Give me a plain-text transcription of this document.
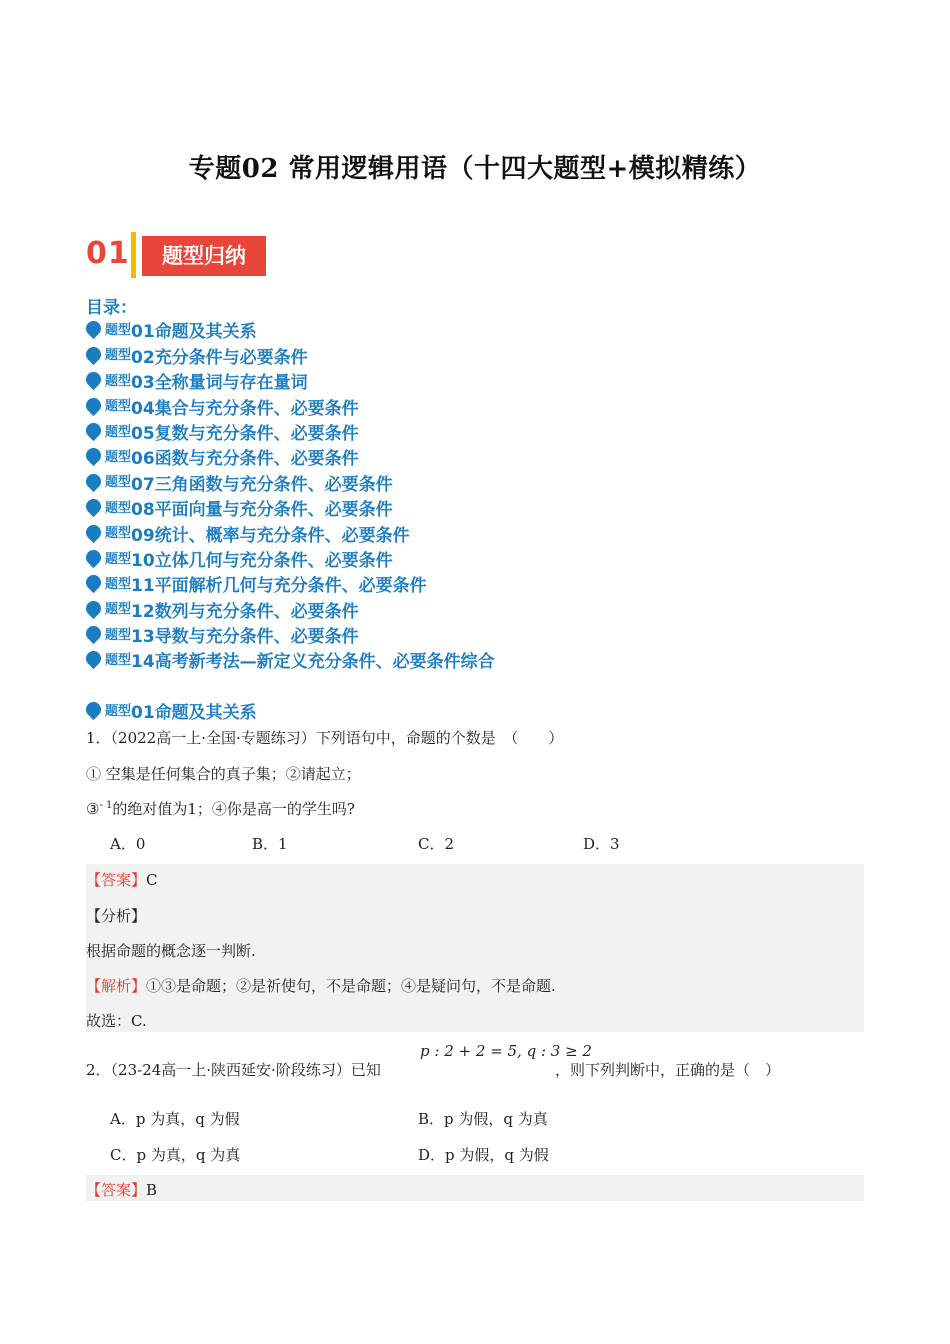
专题02 常用逻辑用语（十四大题型+模拟精练）
01	题型归纳
目录：
题型 01 命题及其关系
题型 02 充分条件与必要条件
题型 03 全称量词与存在量词
题型 04 集合与充分条件、必要条件
题型 05 复数与充分条件、必要条件
题型 06 函数与充分条件、必要条件
题型 07 三角函数与充分条件、必要条件
题型 08 平面向量与充分条件、必要条件
题型 09 统计、概率与充分条件、必要条件
题型 10 立体几何与充分条件、必要条件
题型 11 平面解析几何与充分条件、必要条件
题型 12 数列与充分条件、必要条件
题型 13 导数与充分条件、必要条件
题型 14 高考新考法—新定义充分条件、必要条件综合
题型 01 命题及其关系
1．（2022高一上·全国·专题练习）下列语句中，命题的个数是　（　　）
① 空集是任何集合的真子集；②请起立；
③$^{- 1}$的绝对值为1；④你是高一的学生吗?
A．0	B．1	C．2	D．3
【答案】C
【分析】
根据命题的概念逐一判断.
【解析】①③是命题；②是祈使句，不是命题；④是疑问句，不是命题.
故选：C.
2．（23-24高一上·陕西延安·阶段练习）已知
p : 2 + 2 = 5, q : 3 ≥ 2
，则下列判断中，正确的是（　）
A．p 为真，q 为假	B．p 为假，q 为真
C．p 为真，q 为真	D．p 为假，q 为假
【答案】B
